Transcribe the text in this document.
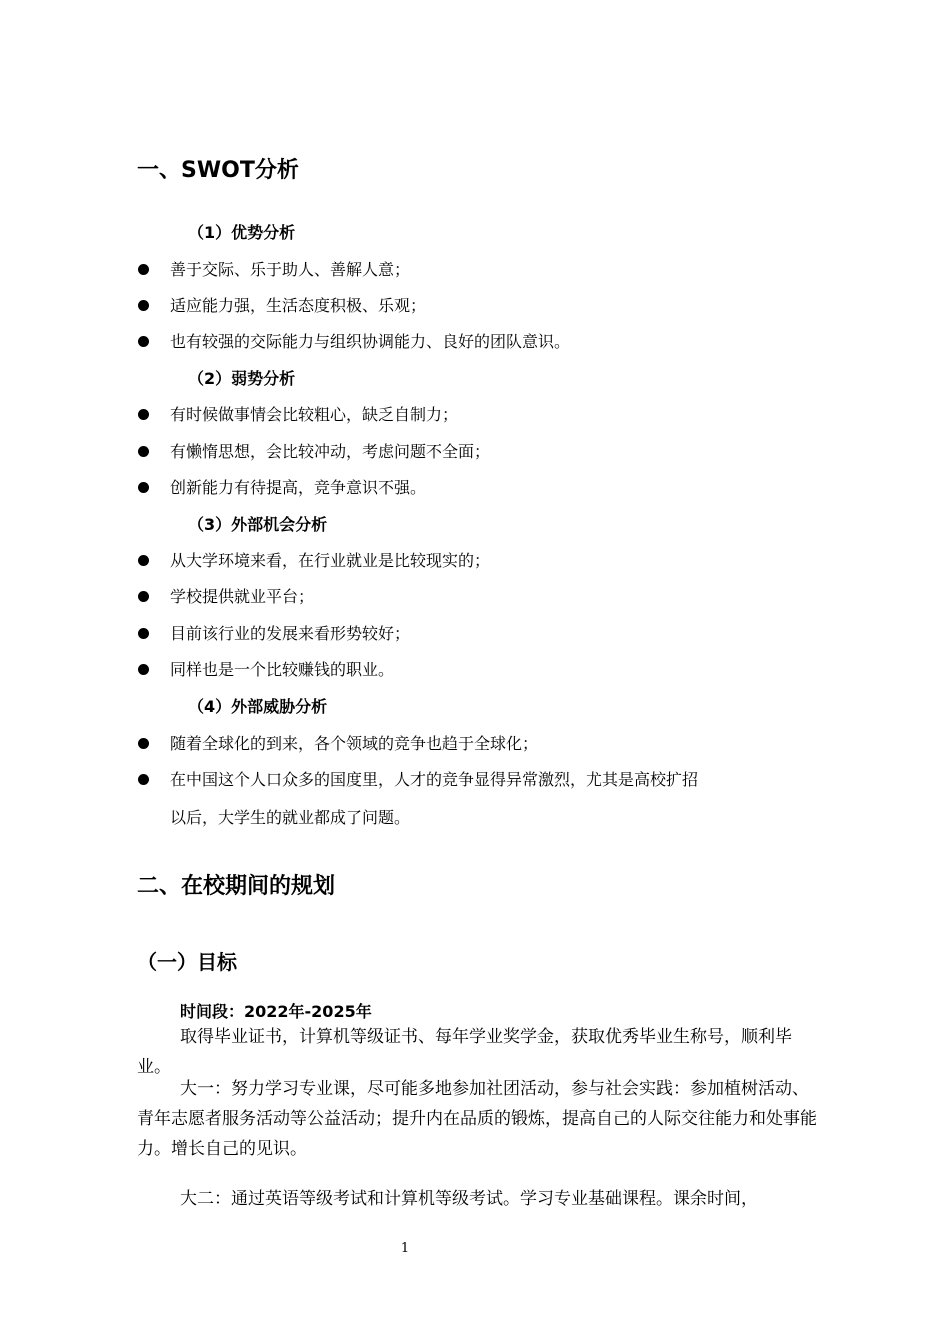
一、SWOT分析
（1）优势分析
善于交际、乐于助人、善解人意；
适应能力强，生活态度积极、乐观；
也有较强的交际能力与组织协调能力、良好的团队意识。
（2）弱势分析
有时候做事情会比较粗心，缺乏自制力；
有懒惰思想，会比较冲动，考虑问题不全面；
创新能力有待提高，竞争意识不强。
（3）外部机会分析
从大学环境来看，在行业就业是比较现实的；
学校提供就业平台；
目前该行业的发展来看形势较好；
同样也是一个比较赚钱的职业。
（4）外部威胁分析
随着全球化的到来，各个领域的竞争也趋于全球化；
在中国这个人口众多的国度里，人才的竞争显得异常激烈，尤其是高校扩招
以后，大学生的就业都成了问题。
二、在校期间的规划
（一）目标
时间段：2022年-2025年
取得毕业证书，计算机等级证书、每年学业奖学金，获取优秀毕业生称号，顺利毕业。
大一：努力学习专业课，尽可能多地参加社团活动，参与社会实践：参加植树活动、青年志愿者服务活动等公益活动；提升内在品质的锻炼，提高自己的人际交往能力和处事能力。增长自己的见识。
大二：通过英语等级考试和计算机等级考试。学习专业基础课程。课余时间，
1
